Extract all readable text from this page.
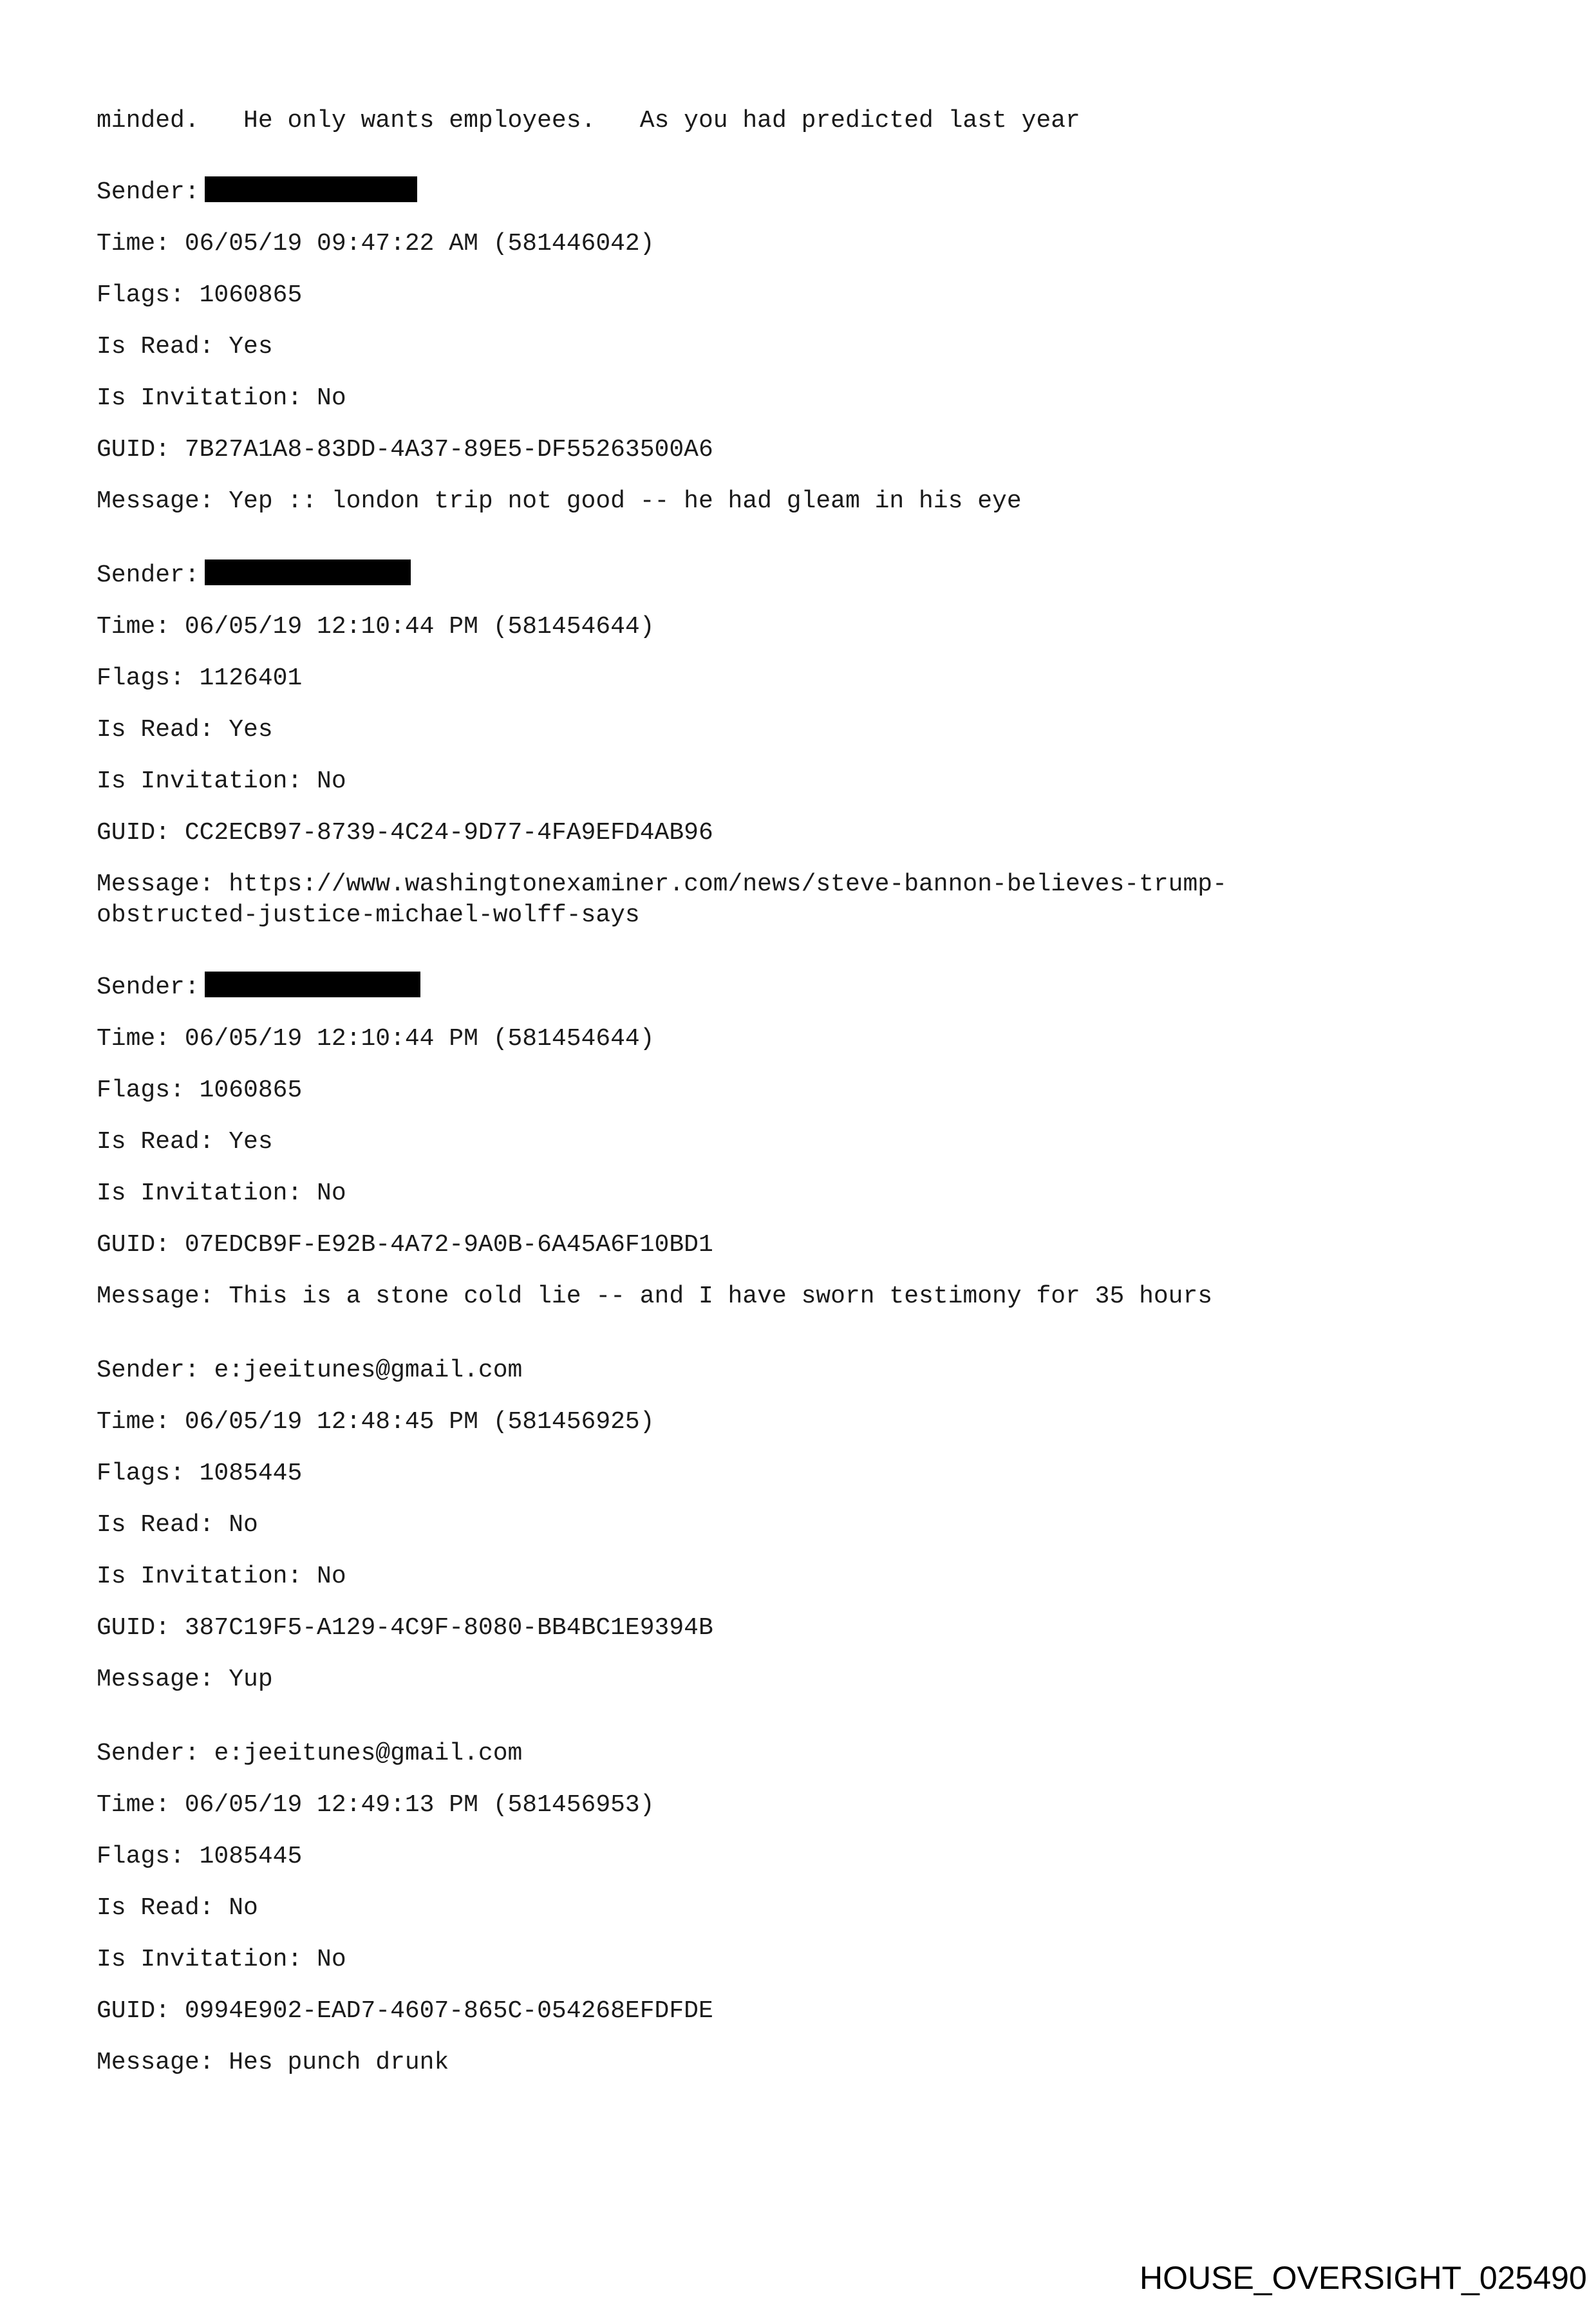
minded.   He only wants employees.   As you had predicted last year
Sender:
Time: 06/05/19 09:47:22 AM (581446042)
Flags: 1060865
Is Read: Yes
Is Invitation: No
GUID: 7B27A1A8-83DD-4A37-89E5-DF55263500A6
Message: Yep :: london trip not good -- he had gleam in his eye
Sender:
Time: 06/05/19 12:10:44 PM (581454644)
Flags: 1126401
Is Read: Yes
Is Invitation: No
GUID: CC2ECB97-8739-4C24-9D77-4FA9EFD4AB96
Message: https://www.washingtonexaminer.com/news/steve-bannon-believes-trump-
obstructed-justice-michael-wolff-says
Sender:
Time: 06/05/19 12:10:44 PM (581454644)
Flags: 1060865
Is Read: Yes
Is Invitation: No
GUID: 07EDCB9F-E92B-4A72-9A0B-6A45A6F10BD1
Message: This is a stone cold lie -- and I have sworn testimony for 35 hours
Sender: e:jeeitunes@gmail.com
Time: 06/05/19 12:48:45 PM (581456925)
Flags: 1085445
Is Read: No
Is Invitation: No
GUID: 387C19F5-A129-4C9F-8080-BB4BC1E9394B
Message: Yup
Sender: e:jeeitunes@gmail.com
Time: 06/05/19 12:49:13 PM (581456953)
Flags: 1085445
Is Read: No
Is Invitation: No
GUID: 0994E902-EAD7-4607-865C-054268EFDFDE
Message: Hes punch drunk
HOUSE_OVERSIGHT_025490
